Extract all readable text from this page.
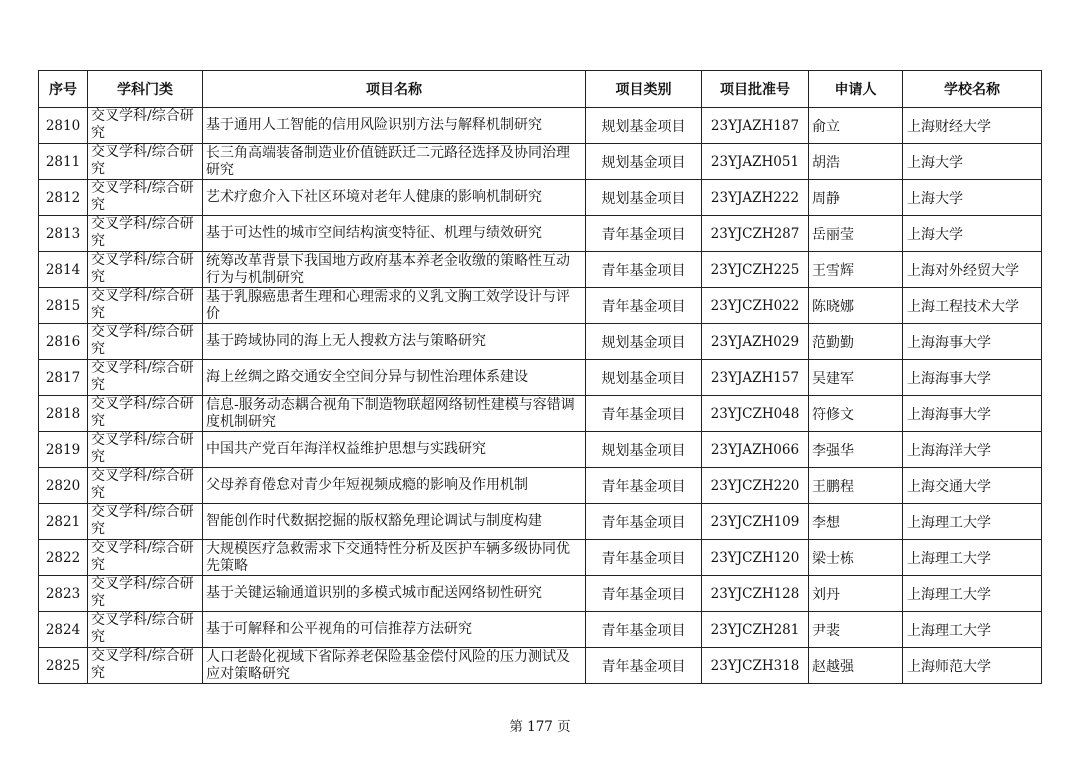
序号	学科门类	项目名称	项目类别	项目批准号	申请人	学校名称
2810	交叉学科/综合研究	基于通用人工智能的信用风险识别方法与解释机制研究	规划基金项目	23YJAZH187	俞立	上海财经大学
2811	交叉学科/综合研究	长三角高端装备制造业价值链跃迁二元路径选择及协同治理研究	规划基金项目	23YJAZH051	胡浩	上海大学
2812	交叉学科/综合研究	艺术疗愈介入下社区环境对老年人健康的影响机制研究	规划基金项目	23YJAZH222	周静	上海大学
2813	交叉学科/综合研究	基于可达性的城市空间结构演变特征、机理与绩效研究	青年基金项目	23YJCZH287	岳丽莹	上海大学
2814	交叉学科/综合研究	统筹改革背景下我国地方政府基本养老金收缴的策略性互动行为与机制研究	青年基金项目	23YJCZH225	王雪辉	上海对外经贸大学
2815	交叉学科/综合研究	基于乳腺癌患者生理和心理需求的义乳文胸工效学设计与评价	青年基金项目	23YJCZH022	陈晓娜	上海工程技术大学
2816	交叉学科/综合研究	基于跨域协同的海上无人搜救方法与策略研究	规划基金项目	23YJAZH029	范勤勤	上海海事大学
2817	交叉学科/综合研究	海上丝绸之路交通安全空间分异与韧性治理体系建设	规划基金项目	23YJAZH157	吴建军	上海海事大学
2818	交叉学科/综合研究	信息-服务动态耦合视角下制造物联超网络韧性建模与容错调度机制研究	青年基金项目	23YJCZH048	符修文	上海海事大学
2819	交叉学科/综合研究	中国共产党百年海洋权益维护思想与实践研究	规划基金项目	23YJAZH066	李强华	上海海洋大学
2820	交叉学科/综合研究	父母养育倦怠对青少年短视频成瘾的影响及作用机制	青年基金项目	23YJCZH220	王鹏程	上海交通大学
2821	交叉学科/综合研究	智能创作时代数据挖掘的版权豁免理论调试与制度构建	青年基金项目	23YJCZH109	李想	上海理工大学
2822	交叉学科/综合研究	大规模医疗急救需求下交通特性分析及医护车辆多级协同优先策略	青年基金项目	23YJCZH120	梁士栋	上海理工大学
2823	交叉学科/综合研究	基于关键运输通道识别的多模式城市配送网络韧性研究	青年基金项目	23YJCZH128	刘丹	上海理工大学
2824	交叉学科/综合研究	基于可解释和公平视角的可信推荐方法研究	青年基金项目	23YJCZH281	尹裴	上海理工大学
2825	交叉学科/综合研究	人口老龄化视域下省际养老保险基金偿付风险的压力测试及应对策略研究	青年基金项目	23YJCZH318	赵越强	上海师范大学
第 177 页
